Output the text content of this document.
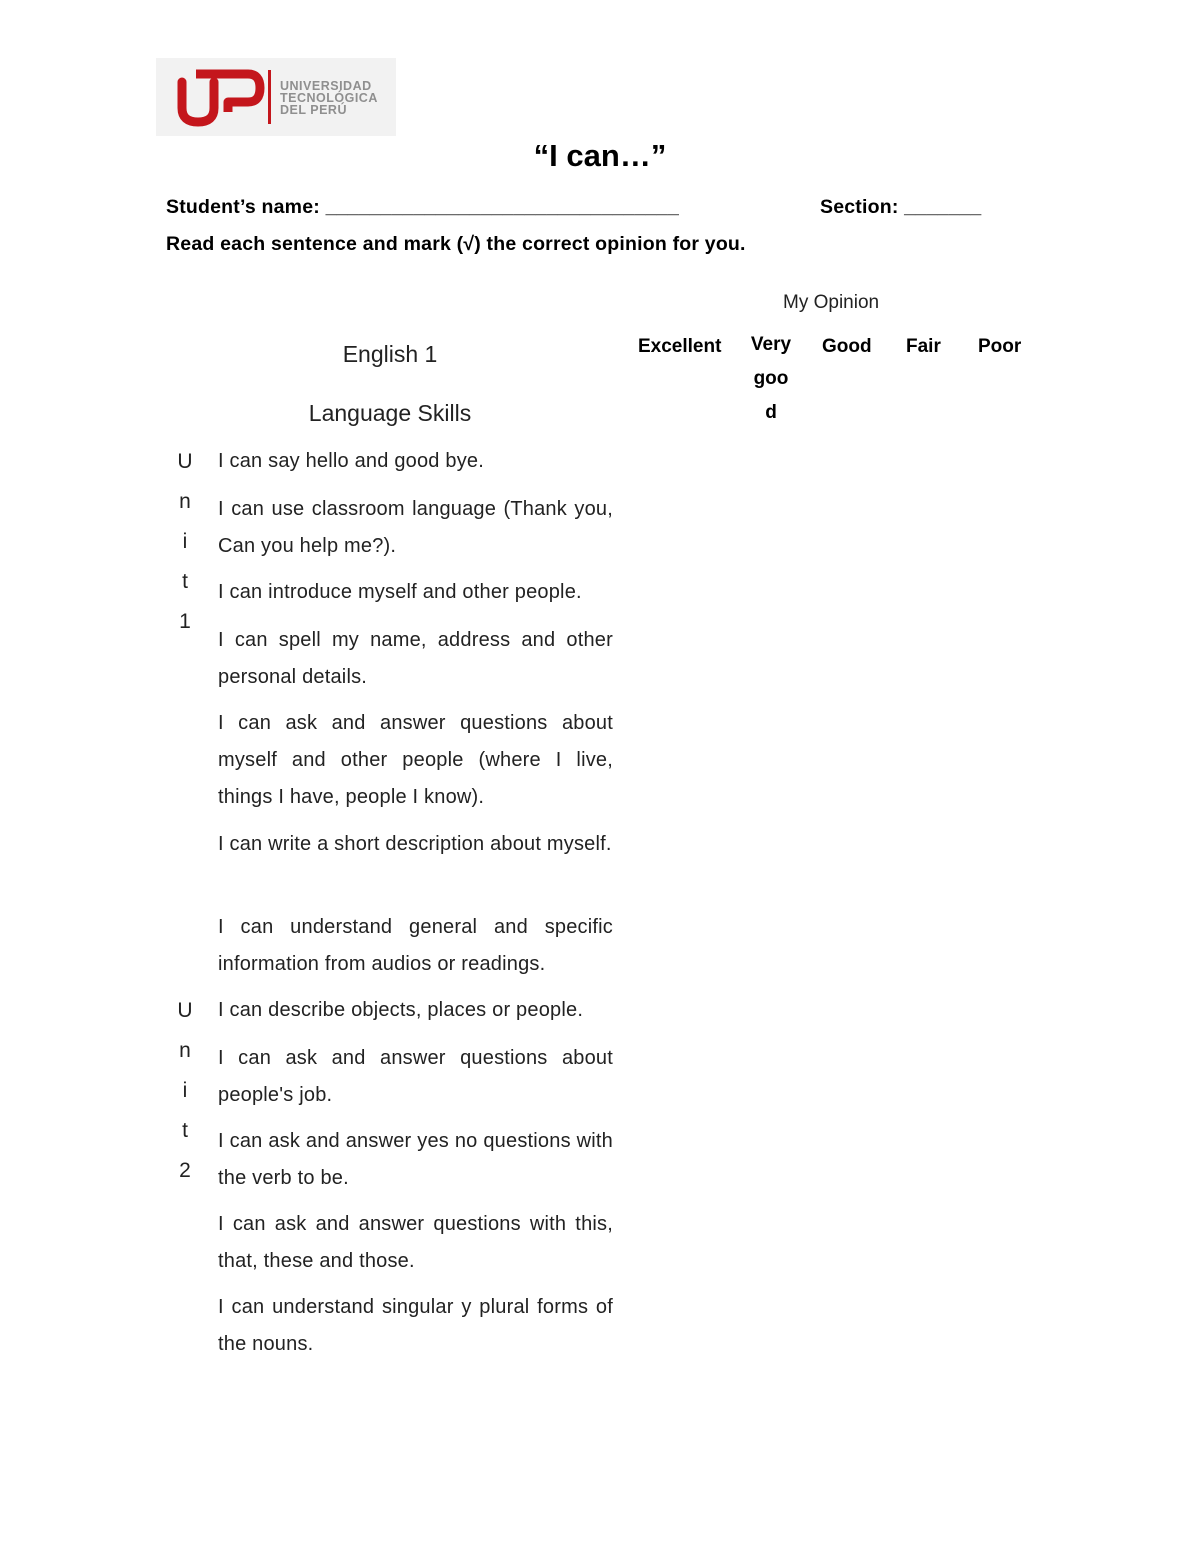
UNIVERSIDAD
TECNOLÓGICA
DEL PERÚ
“I can…”
Student’s name: ________________________________	Section: _______
Read each sentence and mark (√) the correct opinion for you.
My Opinion
English 1
Language Skills
Excellent Very
goo
d
Good Fair Poor
U
n
i
t
1
I can say hello and good bye.
I can use classroom language (Thank you, Can you help me?).
I can introduce myself and other people.
I can spell my name, address and other personal details.
I can ask and answer questions about myself and other people (where I live, things I have, people I know).
I can write a short description about myself.
I can understand general and specific information from audios or readings.
U
n
i
t
2
I can describe objects, places or people.
I can ask and answer questions about people's job.
I can ask and answer yes no questions with the verb to be.
I can ask and answer questions with this, that, these and those.
I can understand singular y plural forms of the nouns.
